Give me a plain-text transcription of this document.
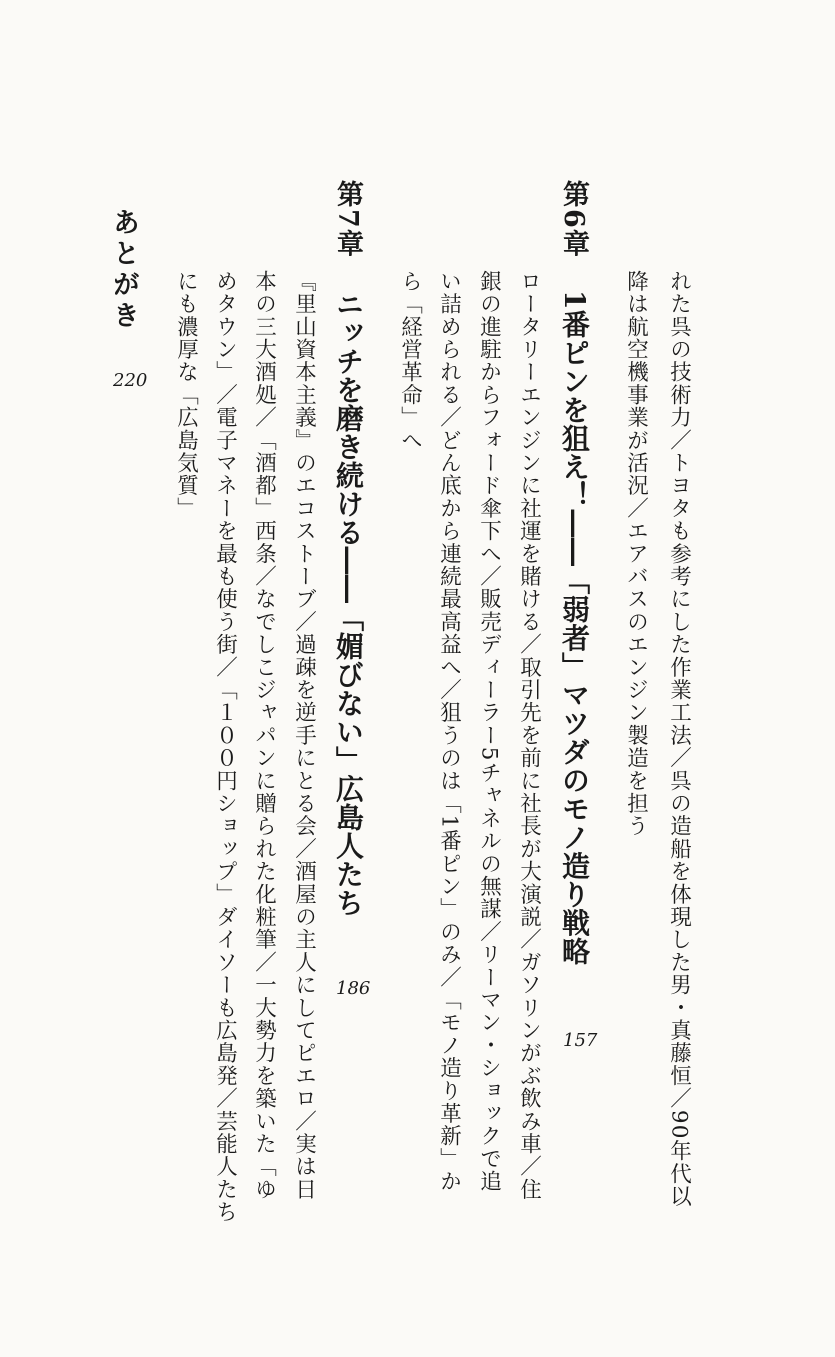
れた呉の技術力／トヨタも参考にした作業工法／呉の造船を体現した男・真藤恒／90年代以

降は航空機事業が活況／エアバスのエンジン製造を担う

第6章
1番ピンを狙え！――「弱者」マツダのモノ造り戦略
157

ロータリーエンジンに社運を賭ける／取引先を前に社長が大演説／ガソリンがぶ飲み車／住

銀の進駐からフォード傘下へ／販売ディーラー5チャネルの無謀／リーマン・ショックで追

い詰められる／どん底から連続最高益へ／狙うのは「1番ピン」のみ／「モノ造り革新」か

ら「経営革命」へ

第7章
ニッチを磨き続ける――「媚びない」広島人たち
186

『里山資本主義』のエコストーブ／過疎を逆手にとる会／酒屋の主人にしてピエロ／実は日

本の三大酒処／「酒都」西条／なでしこジャパンに贈られた化粧筆／一大勢力を築いた「ゆ

めタウン」／電子マネーを最も使う街／「１００円ショップ」ダイソーも広島発／芸能人たち

にも濃厚な「広島気質」

あとがき
220
